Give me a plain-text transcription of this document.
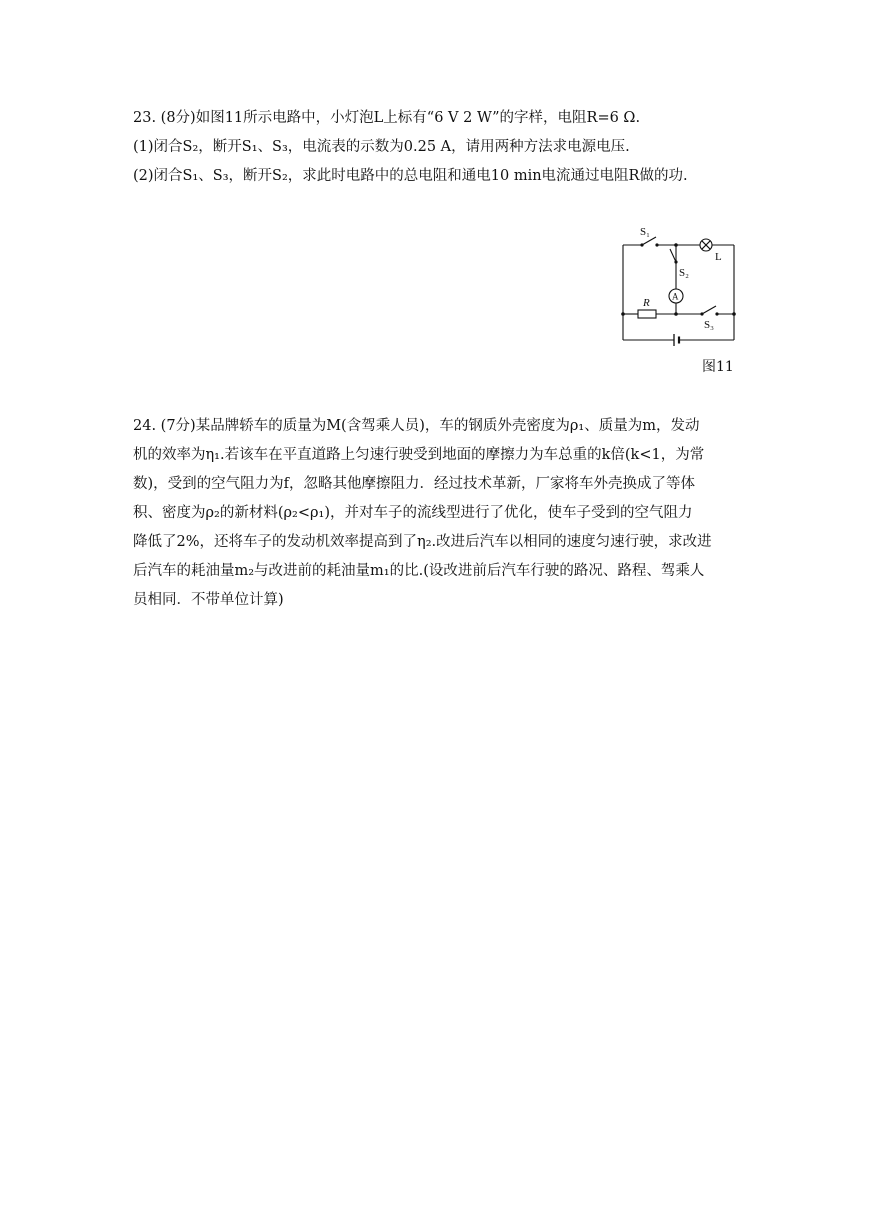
23. (8分)如图11所示电路中，小灯泡L上标有“6 V 2 W”的字样，电阻R=6 Ω.
(1)闭合S₂，断开S₁、S₃，电流表的示数为0.25 A，请用两种方法求电源电压.
(2)闭合S₁、S₃，断开S₂，求此时电路中的总电阻和通电10 min电流通过电阻R做的功.
S₁
L
S₂
A
R
S₃
图11
24. (7分)某品牌轿车的质量为M(含驾乘人员)，车的钢质外壳密度为ρ₁、质量为m，发动
机的效率为η₁.若该车在平直道路上匀速行驶受到地面的摩擦力为车总重的k倍(k<1，为常
数)，受到的空气阻力为f，忽略其他摩擦阻力．经过技术革新，厂家将车外壳换成了等体
积、密度为ρ₂的新材料(ρ₂<ρ₁)，并对车子的流线型进行了优化，使车子受到的空气阻力
降低了2%，还将车子的发动机效率提高到了η₂.改进后汽车以相同的速度匀速行驶，求改进
后汽车的耗油量m₂与改进前的耗油量m₁的比.(设改进前后汽车行驶的路况、路程、驾乘人
员相同．不带单位计算)
